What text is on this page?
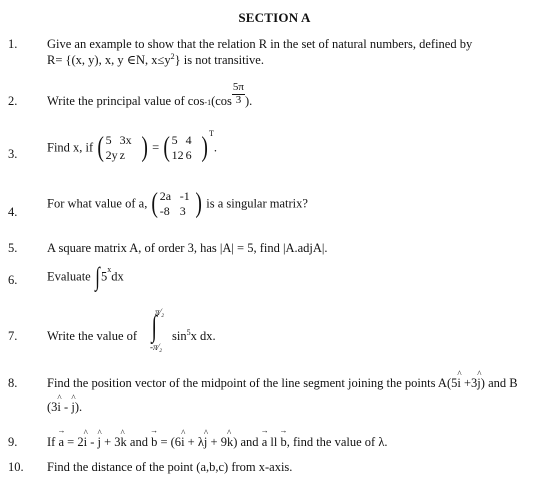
SECTION A
1.	Give an example to show that the relation R in the set of natural numbers, defined by
R= {(x, y), x, y ∈N, $x\le y^2$} is not transitive.
2.	Write the principal value of $\cos_{-1}(\cos \frac{5\pi}{3}$ ).
3.	Find x, if ( 5 3x
2y z ) = ( 5 4
12 6 )$^T$.
4.
For what value of a, ( 2a -1
-8 3 ) is a singular matrix?
5.	A square matrix A, of order 3, has |A| = 5, find |A.adjA|.
6.	Evaluate ∫5$^x$dx
7.	Write the value of ∫
π⁄₂
-π⁄₂
$\sin^5x$ dx.
8.	Find the position vector of the midpoint of the line segment joining the points A(5^ i +3^ j) and B
(3^ i - ^ j).
9.	If → a = 2^ i - ^ j + 3^ k and → b = (6^ i + λ^ j + 9^ k) and → a ll → b, find the value of λ.
10.	Find the distance of the point (a,b,c) from x-axis.
